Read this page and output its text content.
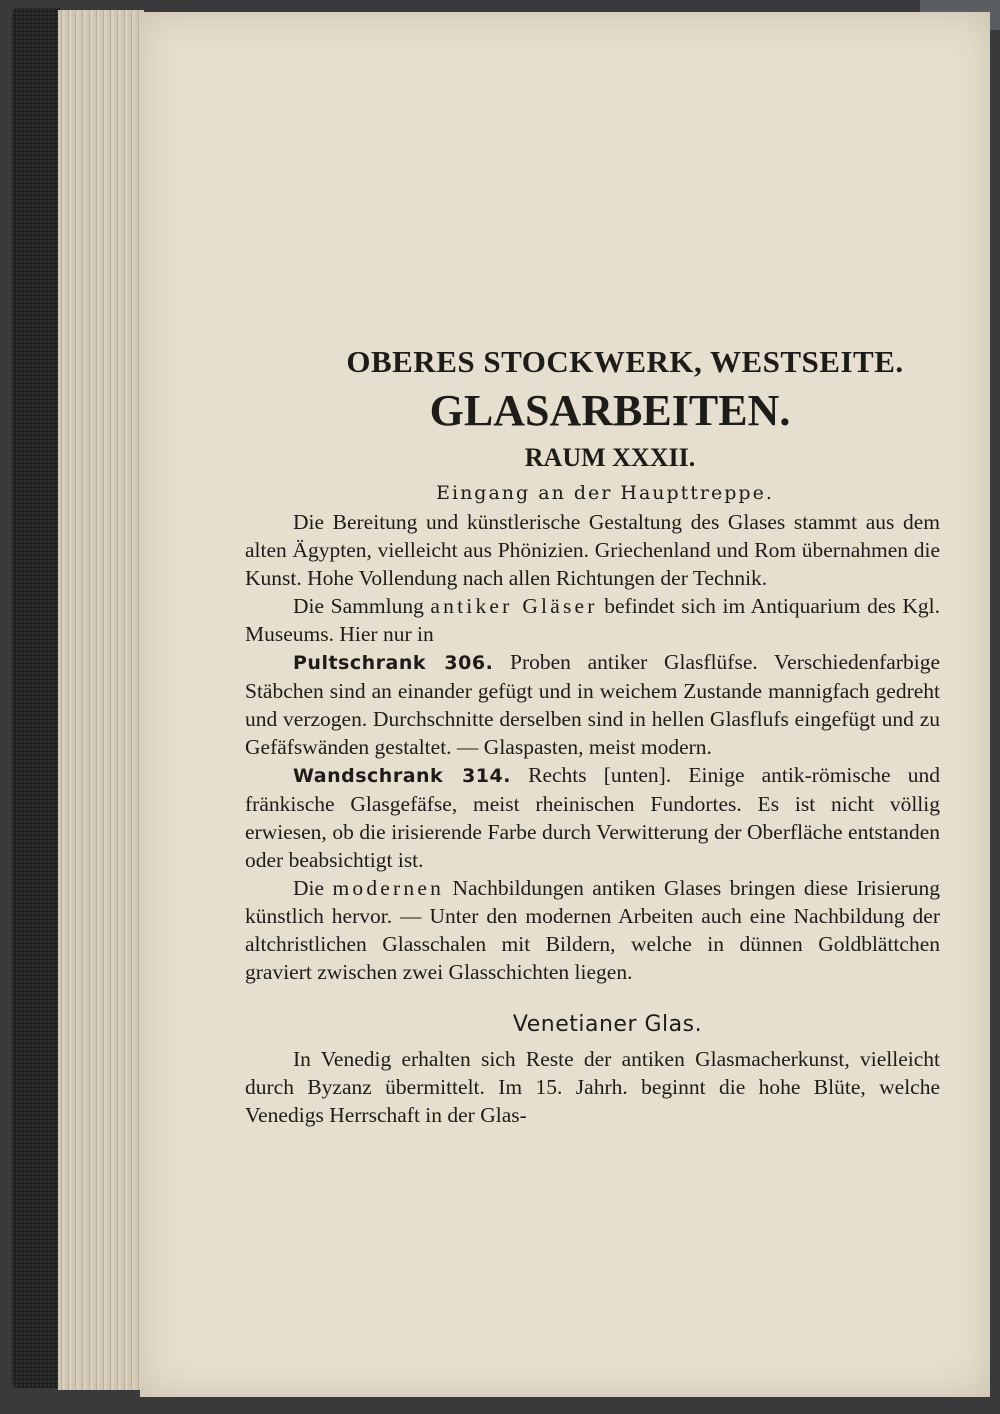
OBERES STOCKWERK, WESTSEITE.
GLASARBEITEN.
RAUM XXXII.
Eingang an der Haupttreppe.

Die Bereitung und künstlerische Gestaltung des Glases stammt aus dem alten Ägypten, vielleicht aus Phönizien. Griechenland und Rom übernahmen die Kunst. Hohe Vollendung nach allen Richtungen der Technik.

Die Sammlung antiker Gläser befindet sich im Antiquarium des Kgl. Museums. Hier nur in

Pultschrank 306. Proben antiker Glasflüfse. Verschiedenfarbige Stäbchen sind an einander gefügt und in weichem Zustande mannigfach gedreht und verzogen. Durchschnitte derselben sind in hellen Glasflufs eingefügt und zu Gefäfswänden gestaltet. — Glaspasten, meist modern.

Wandschrank 314. Rechts [unten]. Einige antik-römische und fränkische Glasgefäfse, meist rheinischen Fundortes. Es ist nicht völlig erwiesen, ob die irisierende Farbe durch Verwitterung der Oberfläche entstanden oder beabsichtigt ist.

Die modernen Nachbildungen antiken Glases bringen diese Irisierung künstlich hervor. — Unter den modernen Arbeiten auch eine Nachbildung der altchristlichen Glasschalen mit Bildern, welche in dünnen Goldblättchen graviert zwischen zwei Glasschichten liegen.

Venetianer Glas.

In Venedig erhalten sich Reste der antiken Glasmacherkunst, vielleicht durch Byzanz übermittelt. Im 15. Jahrh. beginnt die hohe Blüte, welche Venedigs Herrschaft in der Glas-
